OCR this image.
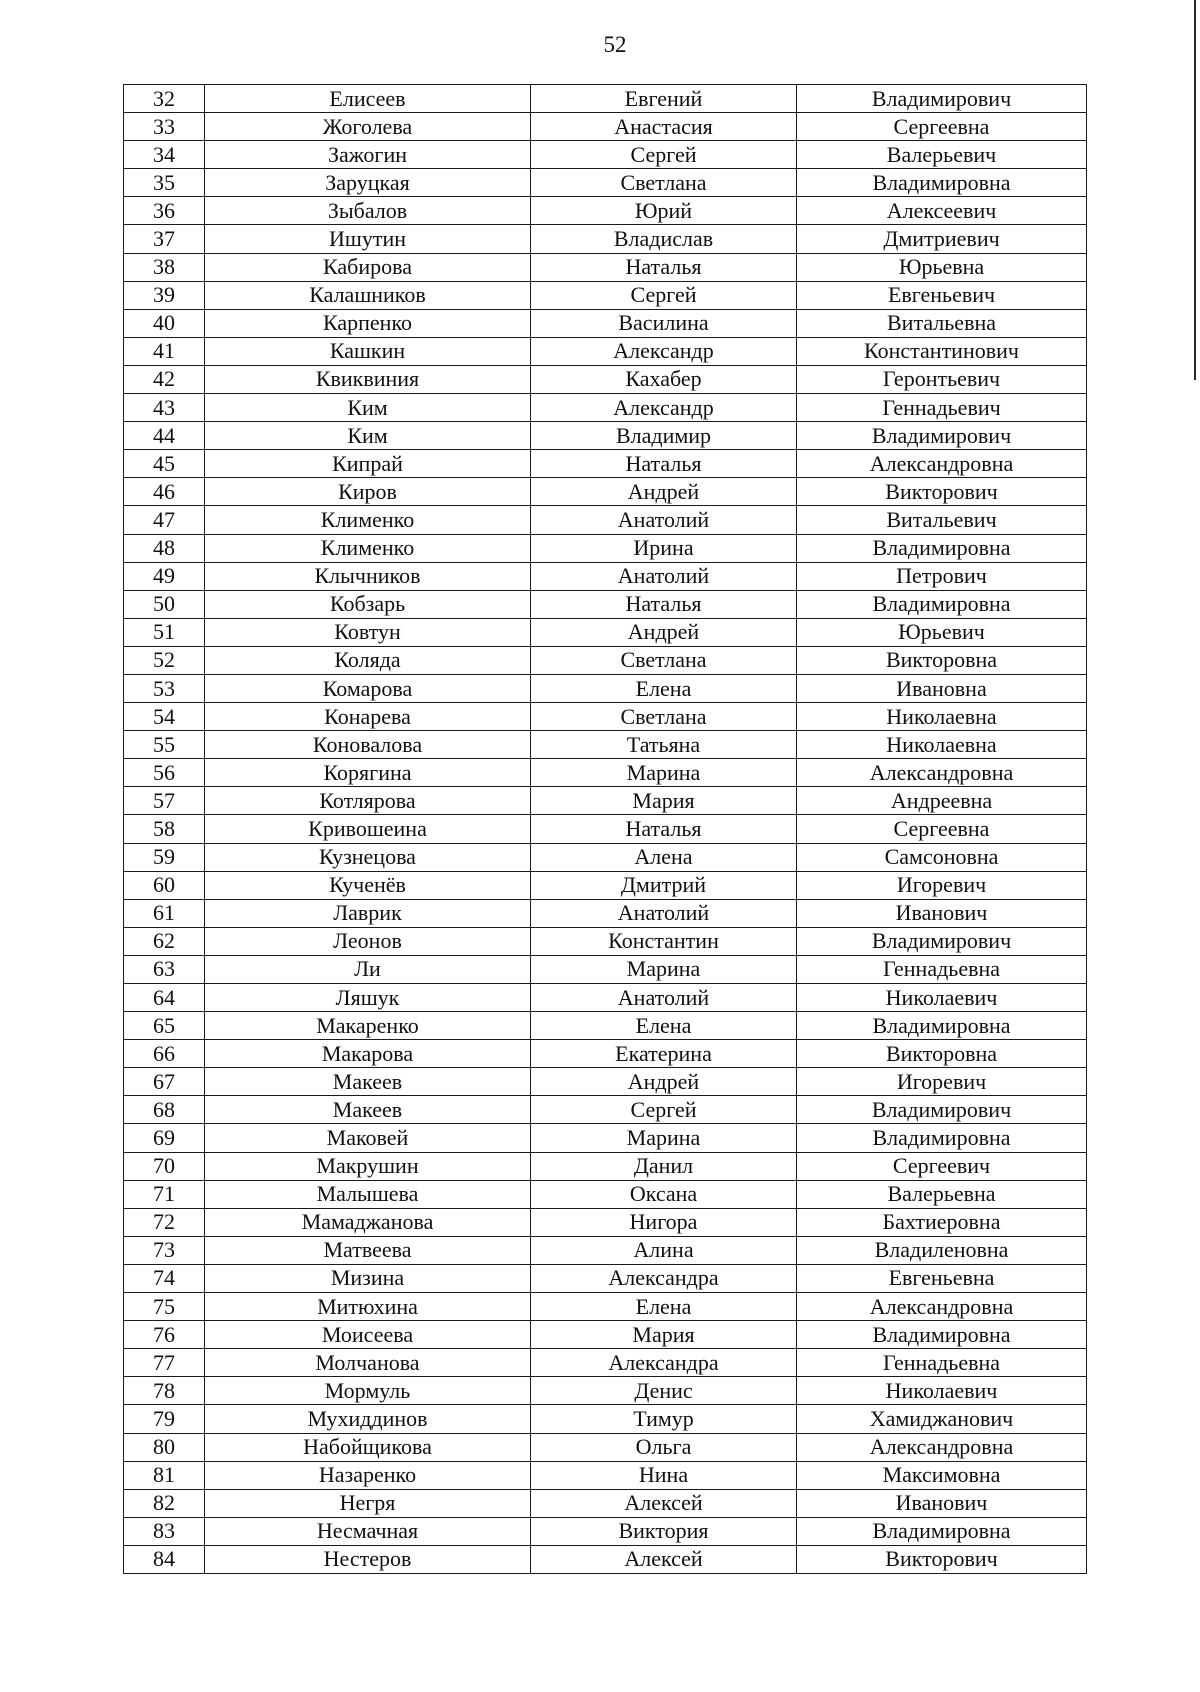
52
32	Елисеев	Евгений	Владимирович
33	Жоголева	Анастасия	Сергеевна
34	Зажогин	Сергей	Валерьевич
35	Заруцкая	Светлана	Владимировна
36	Зыбалов	Юрий	Алексеевич
37	Ишутин	Владислав	Дмитриевич
38	Кабирова	Наталья	Юрьевна
39	Калашников	Сергей	Евгеньевич
40	Карпенко	Василина	Витальевна
41	Кашкин	Александр	Константинович
42	Квиквиния	Кахабер	Геронтьевич
43	Ким	Александр	Геннадьевич
44	Ким	Владимир	Владимирович
45	Кипрай	Наталья	Александровна
46	Киров	Андрей	Викторович
47	Клименко	Анатолий	Витальевич
48	Клименко	Ирина	Владимировна
49	Клычников	Анатолий	Петрович
50	Кобзарь	Наталья	Владимировна
51	Ковтун	Андрей	Юрьевич
52	Коляда	Светлана	Викторовна
53	Комарова	Елена	Ивановна
54	Конарева	Светлана	Николаевна
55	Коновалова	Татьяна	Николаевна
56	Корягина	Марина	Александровна
57	Котлярова	Мария	Андреевна
58	Кривошеина	Наталья	Сергеевна
59	Кузнецова	Алена	Самсоновна
60	Кученёв	Дмитрий	Игоревич
61	Лаврик	Анатолий	Иванович
62	Леонов	Константин	Владимирович
63	Ли	Марина	Геннадьевна
64	Ляшук	Анатолий	Николаевич
65	Макаренко	Елена	Владимировна
66	Макарова	Екатерина	Викторовна
67	Макеев	Андрей	Игоревич
68	Макеев	Сергей	Владимирович
69	Маковей	Марина	Владимировна
70	Макрушин	Данил	Сергеевич
71	Малышева	Оксана	Валерьевна
72	Мамаджанова	Нигора	Бахтиеровна
73	Матвеева	Алина	Владиленовна
74	Мизина	Александра	Евгеньевна
75	Митюхина	Елена	Александровна
76	Моисеева	Мария	Владимировна
77	Молчанова	Александра	Геннадьевна
78	Мормуль	Денис	Николаевич
79	Мухиддинов	Тимур	Хамиджанович
80	Набойщикова	Ольга	Александровна
81	Назаренко	Нина	Максимовна
82	Негря	Алексей	Иванович
83	Несмачная	Виктория	Владимировна
84	Нестеров	Алексей	Викторович
